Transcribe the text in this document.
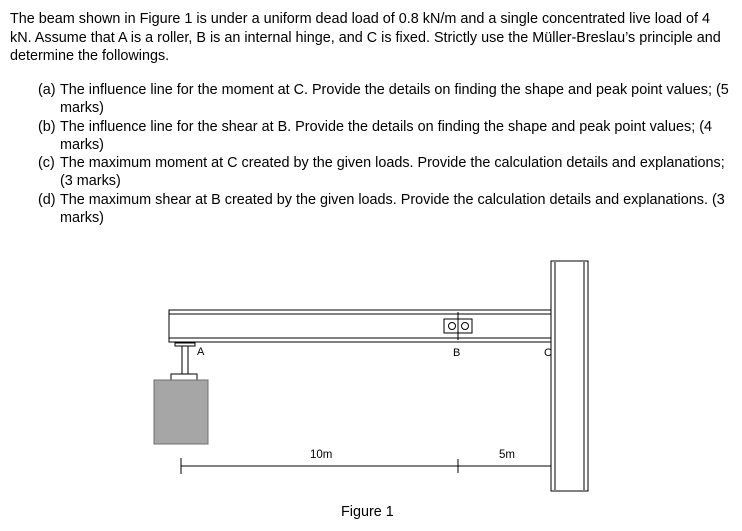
The beam shown in Figure 1 is under a uniform dead load of 0.8 kN/m and a single concentrated live load of 4 kN. Assume that A is a roller, B is an internal hinge, and C is fixed. Strictly use the Müller-Breslau’s principle and determine the followings.

(a) The influence line for the moment at C. Provide the details on finding the shape and peak point values; (5 marks)
(b) The influence line for the shear at B. Provide the details on finding the shape and peak point values; (4 marks)
(c) The maximum moment at C created by the given loads. Provide the calculation details and explanations; (3 marks)
(d) The maximum shear at B created by the given loads. Provide the calculation details and explanations. (3 marks)
A	B	C
10m	5m
Figure 1
